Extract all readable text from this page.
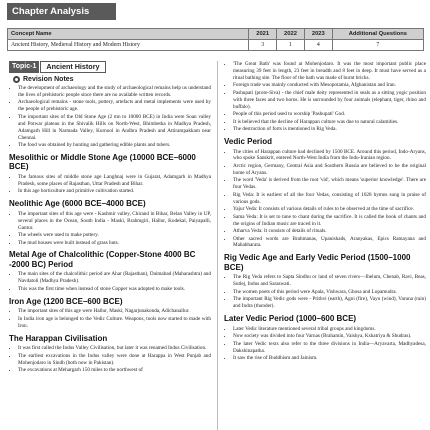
Chapter Analysis
Concept Name	2021	2022	2023	Additional Questions
Ancient History, Medieval History and Modern History	3	1	4	7
Topic-1	Ancient History
Revision Notes
• The development of archaeology and the study of archaeological remains help us understand the lives of prehistoric people since there are no available written records.
• Archaeological remains - stone tools, pottery, artefacts and metal implements were used by the people of prehistoric age.
• The important sites of the Old Stone Age (2 mn to 10000 BCE) in India were Soan valley and Potwar plateau in the Shivalik Hills on North-West, Bhimbetka in Madhya Pradesh, Adamgarh Hill in Narmada Valley, Kurnool in Andhra Pradesh and Attirampakkam near Chennai.
• The food was obtained by hunting and gathering edible plants and tubers.
Mesolithic or Middle Stone Age (10000 BCE–6000 BCE)
• The famous sites of middle stone age Langhnaj were in Gujarat, Adamgarh in Madhya Pradesh, some places of Rajasthan, Uttar Pradesh and Bihar.
• In this age horticulture and primitive cultivation started.
Neolithic Age (6000 BCE–4000 BCE)
• The important sites of this age were - Kashmir valley, Chirand in Bihar, Belan Valley in UP, several places in the Ocean, South India - Maski, Brahmgiri, Hallur, Kodekal, Paiyapalli, Gantur.
• The wheels were used to make pottery.
• The mud houses were built instead of grass huts.
Metal Age of Chalcolithic (Copper-Stone 4000 BC -2000 BC) Period
• The main sites of the chalcolithic period are Ahar (Rajasthan), Daimabad (Maharashtra) and Navdatoli (Madhya Pradesh).
• This was the first time when instead of stone Copper was adopted to make tools.
Iron Age (1200 BCE–600 BCE)
• The important sites of this age were Hallur, Maski, Nagarjunakonda, Adichanallur.
• In India iron age is belonged to the Vedic Culture. Weapons, tools now started to made with Iron.
The Harappan Civilisation
• It was first called the Indus Valley Civilisation, but later it was renamed Indus Civilisation.
• The earliest excavations in the Indus valley were done at Harappa in West Punjab and Mohenjodaro in Sindh (both now in Pakistan).
• The excavations at Mehargarh 150 miles to the northwest of
• 'The Great Bath' was found at Mohenjodaro. It was the most important public place measuring 39 feet in length, 23 feet in breadth and 8 feet in deep. It must have served as a ritual bathing site. The floor of the bath was made of burnt bricks.
• Foreign trade was mainly conducted with Mesopotamia, Afghanistan and Iran.
• Pashupati (proto-Siva) - the chief male deity represented in seals as a sitting yogic position with three faces and two horns. He is surrounded by four animals (elephant, tiger, rhino and buffalo).
• People of this period used to worship 'Pashupati' God.
• It is believed that the decline of Harappan culture was due to natural calamities.
• The destruction of forts is mentioned in Rig Veda.
Vedic Period
• The cities of Harappan culture had declined by 1500 BCE. Around this period, Indo-Aryans, who spoke Sanskrit, entered North-West India from the Indo-Iranian region.
• Arctic region, Germany, Central Asia and Southern Russia are believed to be the original home of Aryans.
• The word 'Veda' is derived from the root 'vid', which means 'superior knowledge'. There are four Vedas.
• Rig Veda: It is earliest of all the four Vedas, consisting of 1028 hymns sung in praise of various gods.
• Yajur Veda: It consists of various details of rules to be observed at the time of sacrifice.
• Sama Veda: It is set to tune to chant during the sacrifice. It is called the book of chants and the origins of Indian music are traced in it.
• Atharva Veda: It consists of details of rituals.
• Other sacred words are Brahmanas, Upanishads, Aranyakas, Epics Ramayana and Mahabharata.
Rig Vedic Age and Early Vedic Period (1500–1000 BCE)
• The Rig Veda refers to Sapta Sindhu or land of seven rivers—Jhelum, Chenab, Ravi, Beas, Sutlej, Indus and Saraswati.
• The women poets of this period were Apala, Vishwara, Ghosa and Lopamudra.
• The important Rig Vedic gods were - Prithvi (earth), Agni (fire), Vayu (wind), Varuna (rain) and Indra (thunder).
Later Vedic Period (1000–600 BCE)
• Later Vedic literature mentioned several tribal groups and kingdoms.
• Now society was divided into four Varnas (Brahamin, Vaishya, Kshatriya & Shudras).
• The later Vedic texts also refer to the three divisions in India—Aryavarta, Madhyadesa, Dakshinapatha.
• It saw the rise of Buddhism and Jainism.
